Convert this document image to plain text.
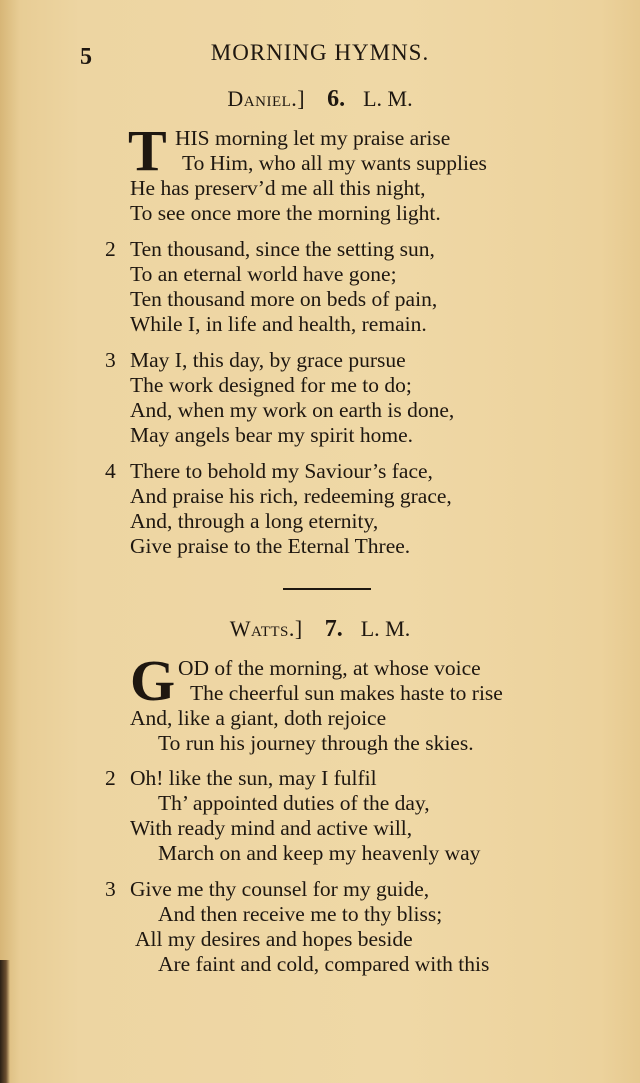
5	MORNING HYMNS.
Daniel.] 6. L. M.
T HIS morning let my praise arise
To Him, who all my wants supplies
He has preserv’d me all this night,
To see once more the morning light.
2 Ten thousand, since the setting sun,
To an eternal world have gone;
Ten thousand more on beds of pain,
While I, in life and health, remain.
3 May I, this day, by grace pursue
The work designed for me to do;
And, when my work on earth is done,
May angels bear my spirit home.
4 There to behold my Saviour’s face,
And praise his rich, redeeming grace,
And, through a long eternity,
Give praise to the Eternal Three.
Watts.] 7. L. M.
G OD of the morning, at whose voice
The cheerful sun makes haste to rise
And, like a giant, doth rejoice
To run his journey through the skies.
2 Oh! like the sun, may I fulfil
Th’ appointed duties of the day,
With ready mind and active will,
March on and keep my heavenly way
3 Give me thy counsel for my guide,
And then receive me to thy bliss;
All my desires and hopes beside
Are faint and cold, compared with this
